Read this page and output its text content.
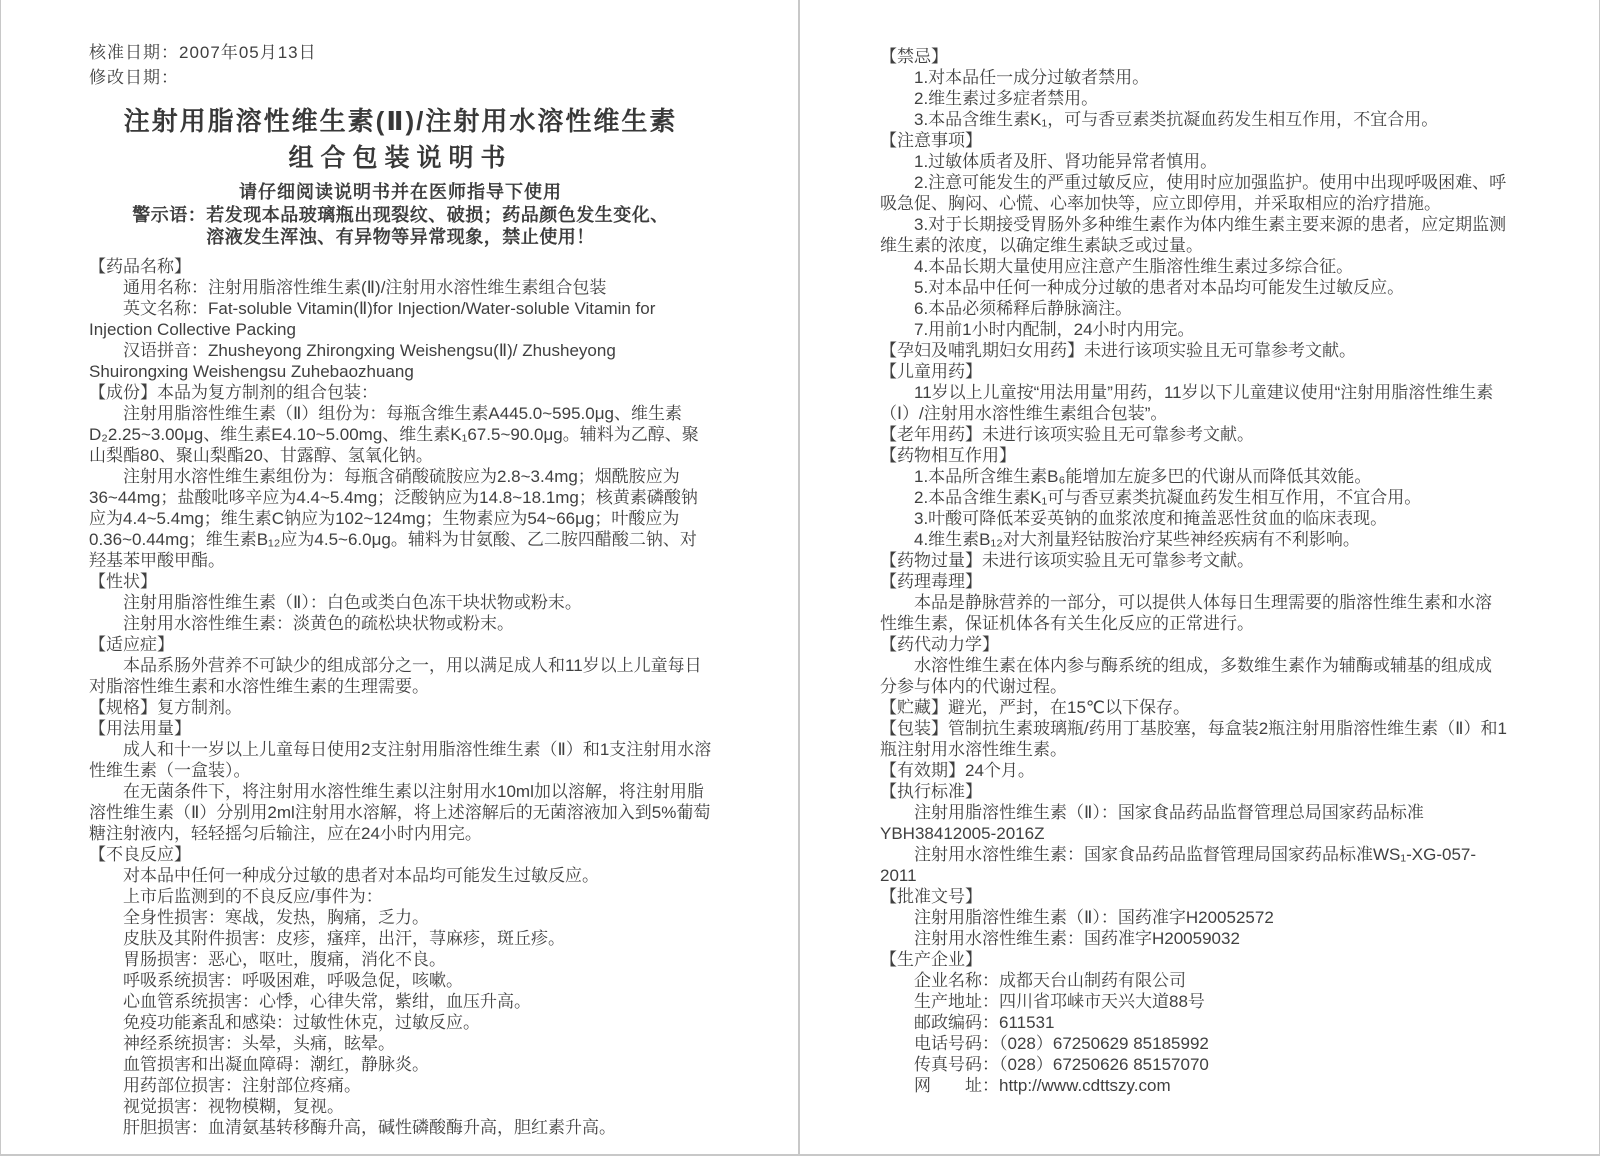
核准日期：2007年05月13日
修改日期：
注射用脂溶性维生素(Ⅱ)/注射用水溶性维生素
组合包装说明书
请仔细阅读说明书并在医师指导下使用
警示语：若发现本品玻璃瓶出现裂纹、破损；药品颜色发生变化、
溶液发生浑浊、有异物等异常现象，禁止使用！
【药品名称】
通用名称：注射用脂溶性维生素(Ⅱ)/注射用水溶性维生素组合包装
英文名称：Fat-soluble Vitamin(Ⅱ)for Injection/Water-soluble Vitamin for Injection Collective Packing
汉语拼音：Zhusheyong Zhirongxing Weishengsu(Ⅱ)/ Zhusheyong Shuirongxing Weishengsu Zuhebaozhuang
【成份】本品为复方制剂的组合包装：
注射用脂溶性维生素（Ⅱ）组份为：每瓶含维生素A445.0~595.0μg、维生素D₂2.25~3.00μg、维生素E4.10~5.00mg、维生素K₁67.5~90.0μg。辅料为乙醇、聚山梨酯80、聚山梨酯20、甘露醇、氢氧化钠。
注射用水溶性维生素组份为：每瓶含硝酸硫胺应为2.8~3.4mg；烟酰胺应为36~44mg；盐酸吡哆辛应为4.4~5.4mg；泛酸钠应为14.8~18.1mg；核黄素磷酸钠应为4.4~5.4mg；维生素C钠应为102~124mg；生物素应为54~66μg；叶酸应为0.36~0.44mg；维生素B₁₂应为4.5~6.0μg。辅料为甘氨酸、乙二胺四醋酸二钠、对羟基苯甲酸甲酯。
【性状】
注射用脂溶性维生素（Ⅱ）：白色或类白色冻干块状物或粉末。
注射用水溶性维生素：淡黄色的疏松块状物或粉末。
【适应症】
本品系肠外营养不可缺少的组成部分之一，用以满足成人和11岁以上儿童每日对脂溶性维生素和水溶性维生素的生理需要。
【规格】复方制剂。
【用法用量】
成人和十一岁以上儿童每日使用2支注射用脂溶性维生素（Ⅱ）和1支注射用水溶性维生素（一盒装）。
在无菌条件下，将注射用水溶性维生素以注射用水10ml加以溶解，将注射用脂溶性维生素（Ⅱ）分别用2ml注射用水溶解，将上述溶解后的无菌溶液加入到5%葡萄糖注射液内，轻轻摇匀后输注，应在24小时内用完。
【不良反应】
对本品中任何一种成分过敏的患者对本品均可能发生过敏反应。
上市后监测到的不良反应/事件为：
全身性损害：寒战，发热，胸痛，乏力。
皮肤及其附件损害：皮疹，瘙痒，出汗，荨麻疹，斑丘疹。
胃肠损害：恶心，呕吐，腹痛，消化不良。
呼吸系统损害：呼吸困难，呼吸急促，咳嗽。
心血管系统损害：心悸，心律失常，紫绀，血压升高。
免疫功能紊乱和感染：过敏性休克，过敏反应。
神经系统损害：头晕，头痛，眩晕。
血管损害和出凝血障碍：潮红，静脉炎。
用药部位损害：注射部位疼痛。
视觉损害：视物模糊，复视。
肝胆损害：血清氨基转移酶升高，碱性磷酸酶升高，胆红素升高。
【禁忌】
1.对本品任一成分过敏者禁用。
2.维生素过多症者禁用。
3.本品含维生素K₁，可与香豆素类抗凝血药发生相互作用，不宜合用。
【注意事项】
1.过敏体质者及肝、肾功能异常者慎用。
2.注意可能发生的严重过敏反应，使用时应加强监护。使用中出现呼吸困难、呼吸急促、胸闷、心慌、心率加快等，应立即停用，并采取相应的治疗措施。
3.对于长期接受胃肠外多种维生素作为体内维生素主要来源的患者，应定期监测维生素的浓度，以确定维生素缺乏或过量。
4.本品长期大量使用应注意产生脂溶性维生素过多综合征。
5.对本品中任何一种成分过敏的患者对本品均可能发生过敏反应。
6.本品必须稀释后静脉滴注。
7.用前1小时内配制，24小时内用完。
【孕妇及哺乳期妇女用药】未进行该项实验且无可靠参考文献。
【儿童用药】
11岁以上儿童按“用法用量”用药，11岁以下儿童建议使用“注射用脂溶性维生素（Ⅰ）/注射用水溶性维生素组合包装”。
【老年用药】未进行该项实验且无可靠参考文献。
【药物相互作用】
1.本品所含维生素B₆能增加左旋多巴的代谢从而降低其效能。
2.本品含维生素K₁可与香豆素类抗凝血药发生相互作用，不宜合用。
3.叶酸可降低苯妥英钠的血浆浓度和掩盖恶性贫血的临床表现。
4.维生素B₁₂对大剂量羟钴胺治疗某些神经疾病有不利影响。
【药物过量】未进行该项实验且无可靠参考文献。
【药理毒理】
本品是静脉营养的一部分，可以提供人体每日生理需要的脂溶性维生素和水溶性维生素，保证机体各有关生化反应的正常进行。
【药代动力学】
水溶性维生素在体内参与酶系统的组成，多数维生素作为辅酶或辅基的组成成分参与体内的代谢过程。
【贮藏】避光，严封，在15℃以下保存。
【包装】管制抗生素玻璃瓶/药用丁基胶塞，每盒装2瓶注射用脂溶性维生素（Ⅱ）和1瓶注射用水溶性维生素。
【有效期】24个月。
【执行标准】
注射用脂溶性维生素（Ⅱ）：国家食品药品监督管理总局国家药品标准YBH38412005-2016Z
注射用水溶性维生素：国家食品药品监督管理局国家药品标准WS₁-XG-057-2011
【批准文号】
注射用脂溶性维生素（Ⅱ）：国药准字H20052572
注射用水溶性维生素：国药准字H20059032
【生产企业】
企业名称：成都天台山制药有限公司
生产地址：四川省邛崃市天兴大道88号
邮政编码：611531
电话号码：（028）67250629 85185992
传真号码：（028）67250626 85157070
网　　址：http://www.cdttszy.com
